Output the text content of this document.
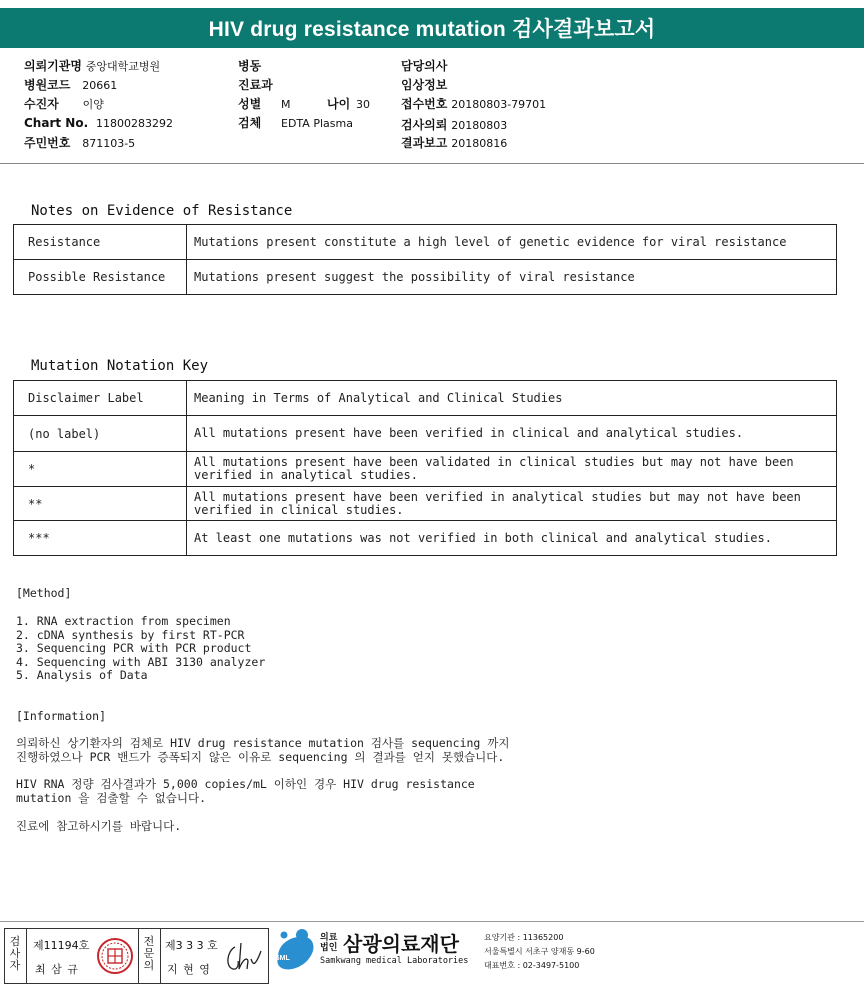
HIV drug resistance mutation 검사결과보고서
의뢰기관명 중앙대학교병원
병원코드 20661
수진자 이양
Chart No. 11800283292
주민번호 871103-5
병동
진료과
성별 M	나이 30
검체 EDTA Plasma
담당의사
임상정보
접수번호 20180803-79701
검사의뢰 20180803
결과보고 20180816
Notes on Evidence of Resistance
Resistance	Mutations present constitute a high level of genetic evidence for viral resistance
Possible Resistance	Mutations present suggest the possibility of viral resistance
Mutation Notation Key
Disclaimer Label	Meaning in Terms of Analytical and Clinical Studies
(no label)	All mutations present have been verified in clinical and analytical studies.
*	All mutations present have been validated in clinical studies but may not have been verified in analytical studies.
**	All mutations present have been verified in analytical studies but may not have been verified in clinical studies.
***	At least one mutations was not verified in both clinical and analytical studies.
[Method]
1. RNA extraction from specimen
2. cDNA synthesis by first RT-PCR
3. Sequencing PCR with PCR product
4. Sequencing with ABI 3130 analyzer
5. Analysis of Data
[Information]
의뢰하신 상기환자의 검체로 HIV drug resistance mutation 검사를 sequencing 까지
진행하였으나 PCR 밴드가 증폭되지 않은 이유로 sequencing 의 결과를 얻지 못했습니다.
HIV RNA 정량 검사결과가 5,000 copies/mL 이하인 경우 HIV drug resistance
mutation 을 검출할 수 없습니다.
진료에 참고하시기를 바랍니다.
검사자
제11194호
최 삼 규
전문의
제3 3 3 호
지 현 영
SML
의료
법인 삼광의료재단
Samkwang medical Laboratories
요양기관 : 11365200
서울특별시 서초구 양재동 9-60
대표번호 : 02-3497-5100
